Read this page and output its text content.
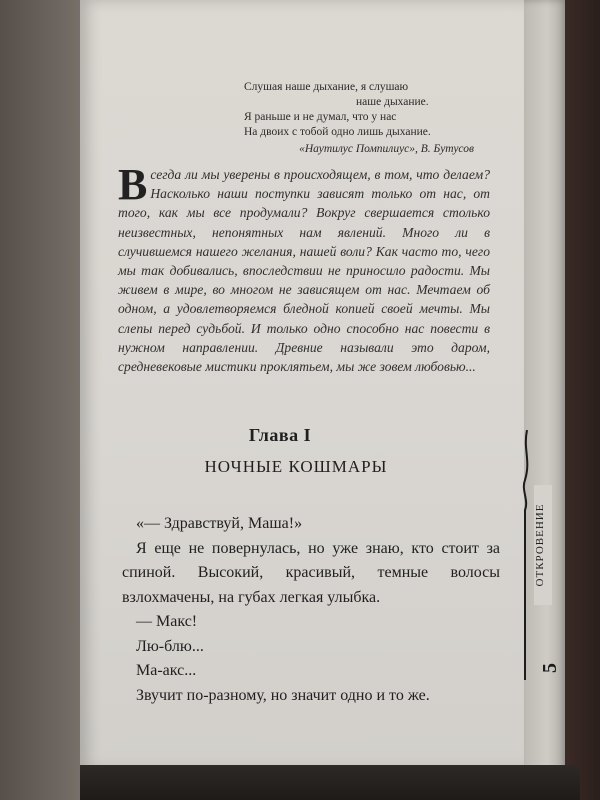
Слушая наше дыхание, я слушаю
наше дыхание.
Я раньше и не думал, что у нас
На двоих с тобой одно лишь дыхание.
«Наутилус Помпилиус», В. Бутусов
Всегда ли мы уверены в происходящем, в том, что делаем? Насколько наши поступки зависят только от нас, от того, как мы все продумали? Вокруг свершается столько неизвестных, непонятных нам явлений. Много ли в случившемся нашего желания, нашей воли? Как часто то, чего мы так добивались, впоследствии не приносило радости. Мы живем в мире, во многом не зависящем от нас. Мечтаем об одном, а удовлетворяемся бледной копией своей мечты. Мы слепы перед судьбой. И только одно способно нас повести в нужном направлении. Древние называли это даром, средневековые мистики проклятьем, мы же зовем любовью...
Глава I
НОЧНЫЕ КОШМАРЫ

«— Здравствуй, Маша!»

Я еще не повернулась, но уже знаю, кто стоит за спиной. Высокий, красивый, темные волосы взлохмачены, на губах легкая улыбка.

— Макс!

Лю-блю...

Ма-акс...

Звучит по-разному, но значит одно и то же.

ОТКРОВЕНИЕ
5
